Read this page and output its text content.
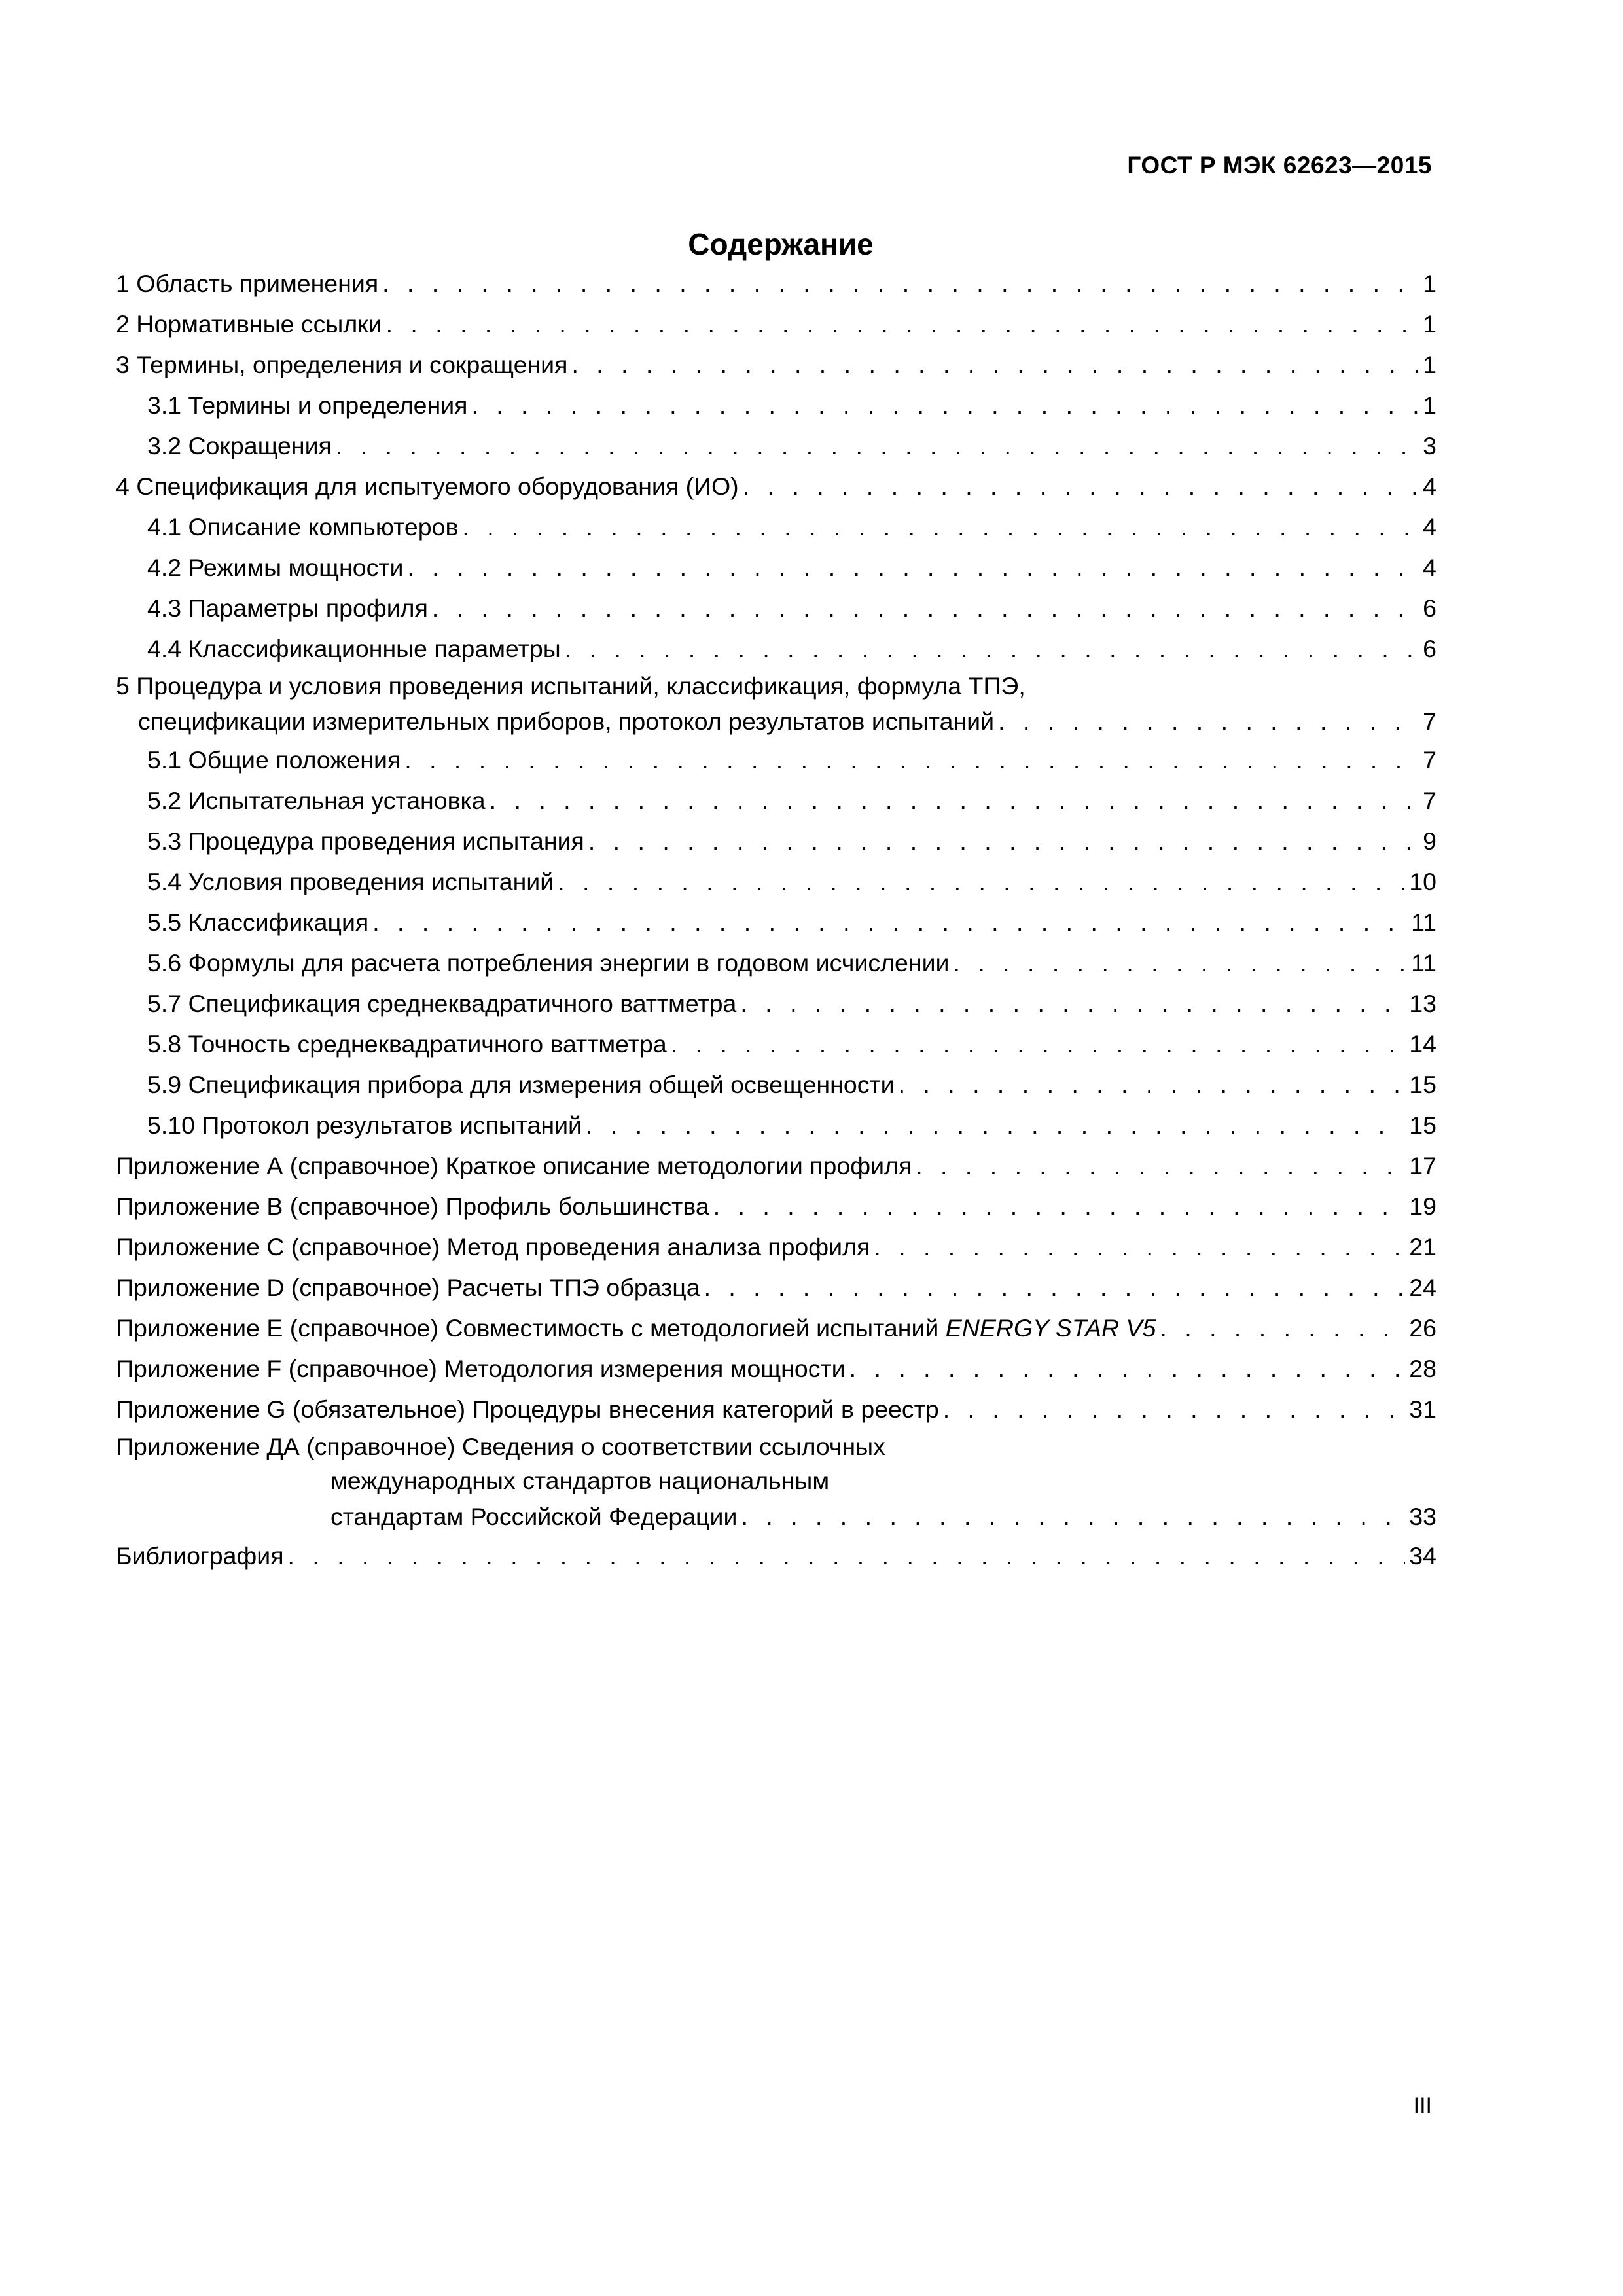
ГОСТ Р МЭК 62623—2015
Содержание
1 Область применения . . .	1
2 Нормативные ссылки . . .	1
3 Термины, определения и сокращения . . .	1
3.1 Термины и определения . . .	1
3.2 Сокращения . . .	3
4 Спецификация для испытуемого оборудования (ИО) . . .	4
4.1 Описание компьютеров . . .	4
4.2 Режимы мощности . . .	4
4.3 Параметры профиля . . .	6
4.4 Классификационные параметры . . .	6
5 Процедура и условия проведения испытаний, классификация, формула ТПЭ,
спецификации измерительных приборов, протокол результатов испытаний . . .	7
5.1 Общие положения . . .	7
5.2 Испытательная установка . . .	7
5.3 Процедура проведения испытания . . .	9
5.4 Условия проведения испытаний . . .	10
5.5 Классификация . . .	11
5.6 Формулы для расчета потребления энергии в годовом исчислении . . .	11
5.7 Спецификация среднеквадратичного ваттметра . . .	13
5.8 Точность среднеквадратичного ваттметра . . .	14
5.9 Спецификация прибора для измерения общей освещенности . . .	15
5.10 Протокол результатов испытаний . . .	15
Приложение А (справочное) Краткое описание методологии профиля . . .	17
Приложение В (справочное) Профиль большинства . . .	19
Приложение С (справочное) Метод проведения анализа профиля . . .	21
Приложение D (справочное) Расчеты ТПЭ образца . . .	24
Приложение E (справочное) Совместимость с методологией испытаний ENERGY STAR V5 . . .	26
Приложение F (справочное) Методология измерения мощности . . .	28
Приложение G (обязательное) Процедуры внесения категорий в реестр . . .	31
Приложение ДА (справочное) Сведения о соответствии ссылочных
международных стандартов национальным
стандартам Российской Федерации . . .	33
Библиография . . .	34
III
